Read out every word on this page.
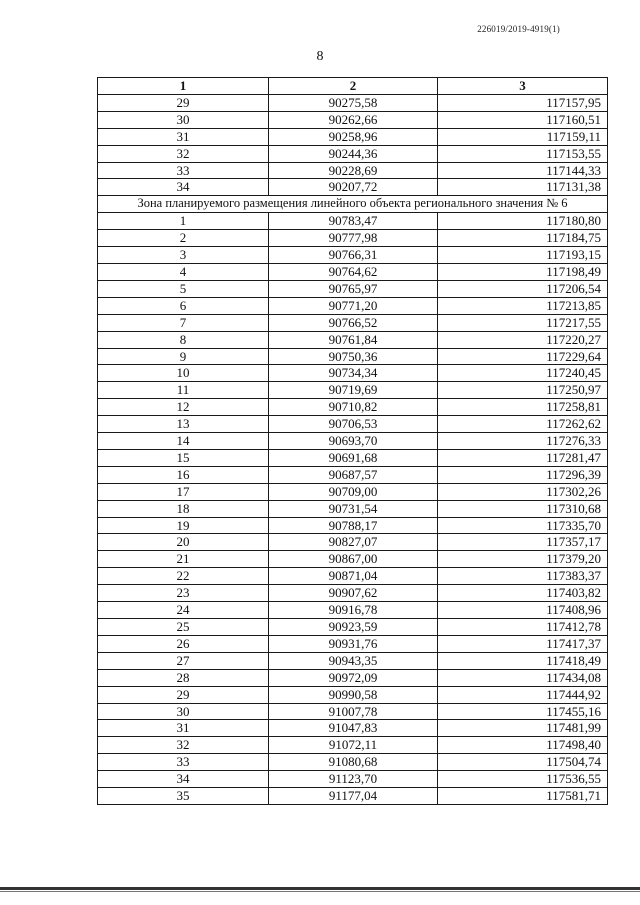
226019/2019-4919(1)
8
1	2	3
29	90275,58	117157,95
30	90262,66	117160,51
31	90258,96	117159,11
32	90244,36	117153,55
33	90228,69	117144,33
34	90207,72	117131,38
Зона планируемого размещения линейного объекта регионального значения № 6		
1	90783,47	117180,80
2	90777,98	117184,75
3	90766,31	117193,15
4	90764,62	117198,49
5	90765,97	117206,54
6	90771,20	117213,85
7	90766,52	117217,55
8	90761,84	117220,27
9	90750,36	117229,64
10	90734,34	117240,45
11	90719,69	117250,97
12	90710,82	117258,81
13	90706,53	117262,62
14	90693,70	117276,33
15	90691,68	117281,47
16	90687,57	117296,39
17	90709,00	117302,26
18	90731,54	117310,68
19	90788,17	117335,70
20	90827,07	117357,17
21	90867,00	117379,20
22	90871,04	117383,37
23	90907,62	117403,82
24	90916,78	117408,96
25	90923,59	117412,78
26	90931,76	117417,37
27	90943,35	117418,49
28	90972,09	117434,08
29	90990,58	117444,92
30	91007,78	117455,16
31	91047,83	117481,99
32	91072,11	117498,40
33	91080,68	117504,74
34	91123,70	117536,55
35	91177,04	117581,71
